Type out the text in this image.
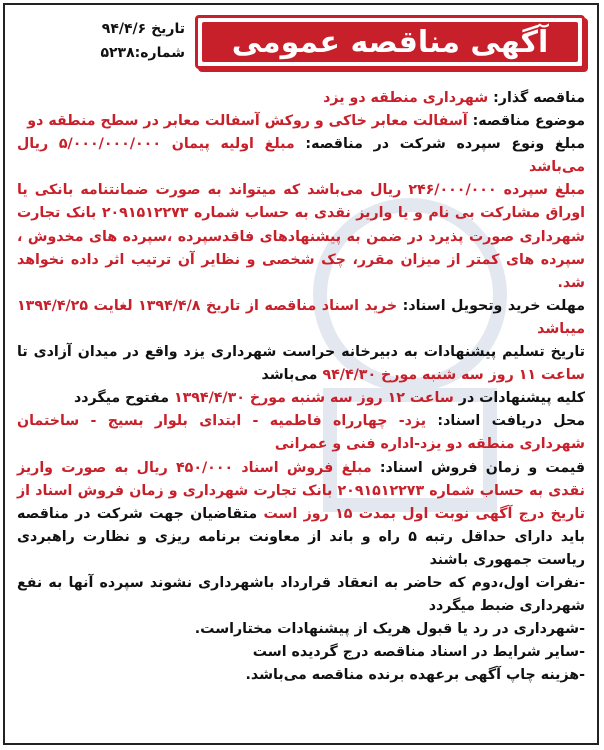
تاریخ ۹۴/۴/۶
شماره:۵۲۳۸	آگهی مناقصه عمومی

مناقصه گذار: شهرداری منطقه دو یزد

موضوع مناقصه: آسفالت معابر خاکی و روکش آسفالت معابر در سطح منطقه دو

مبلغ ونوع سپرده شرکت در مناقصه: مبلغ اولیه پیمان ۵/۰۰۰/۰۰۰/۰۰۰ ریال می‌باشد

مبلغ سپرده ۲۴۶/۰۰۰/۰۰۰ ریال می‌باشد که میتواند به صورت ضمانتنامه بانکی یا اوراق مشارکت بی نام و یا واریز نقدی به حساب شماره ۲۰۹۱۵۱۲۲۷۳ بانک تجارت شهرداری صورت پذیرد در ضمن به پیشنهادهای فاقدسپرده ،سپرده های مخدوش ، سپرده های کمتر از میزان مقرر، چک شخصی و نظایر آن ترتیب اثر داده نخواهد شد.

مهلت خرید وتحویل اسناد: خرید اسناد مناقصه از تاریخ ۱۳۹۴/۴/۸ لغایت ۱۳۹۴/۴/۲۵ میباشد

تاریخ تسلیم پیشنهادات به دبیرخانه حراست شهرداری یزد واقع در میدان آزادی تا ساعت ۱۱ روز سه شنبه مورخ ۹۴/۴/۳۰ می‌باشد

کلیه پیشنهادات در ساعت ۱۲ روز سه شنبه مورخ ۱۳۹۴/۴/۳۰ مفتوح میگردد

محل دریافت اسناد: یزد- چهارراه فاطمیه - ابتدای بلوار بسیج - ساختمان شهرداری منطقه دو یزد-اداره فنی و عمرانی

قیمت و زمان فروش اسناد: مبلغ فروش اسناد ۴۵۰/۰۰۰ ریال به صورت واریز نقدی به حساب شماره ۲۰۹۱۵۱۲۲۷۳ بانک تجارت شهرداری و زمان فروش اسناد از تاریخ درج آگهی نوبت اول بمدت ۱۵ روز است متقاضیان جهت شرکت در مناقصه باید دارای حداقل رتبه ۵ راه و باند از معاونت برنامه ریزی و نظارت راهبردی ریاست جمهوری باشند

-نفرات اول،دوم که حاضر به انعقاد قرارداد باشهرداری نشوند سپرده آنها به نفع شهرداری ضبط میگردد

-شهرداری در رد یا قبول هریک از پیشنهادات مختاراست.

-سایر شرایط در اسناد مناقصه درج گردیده است

-هزینه چاپ آگهی برعهده برنده مناقصه می‌باشد.
